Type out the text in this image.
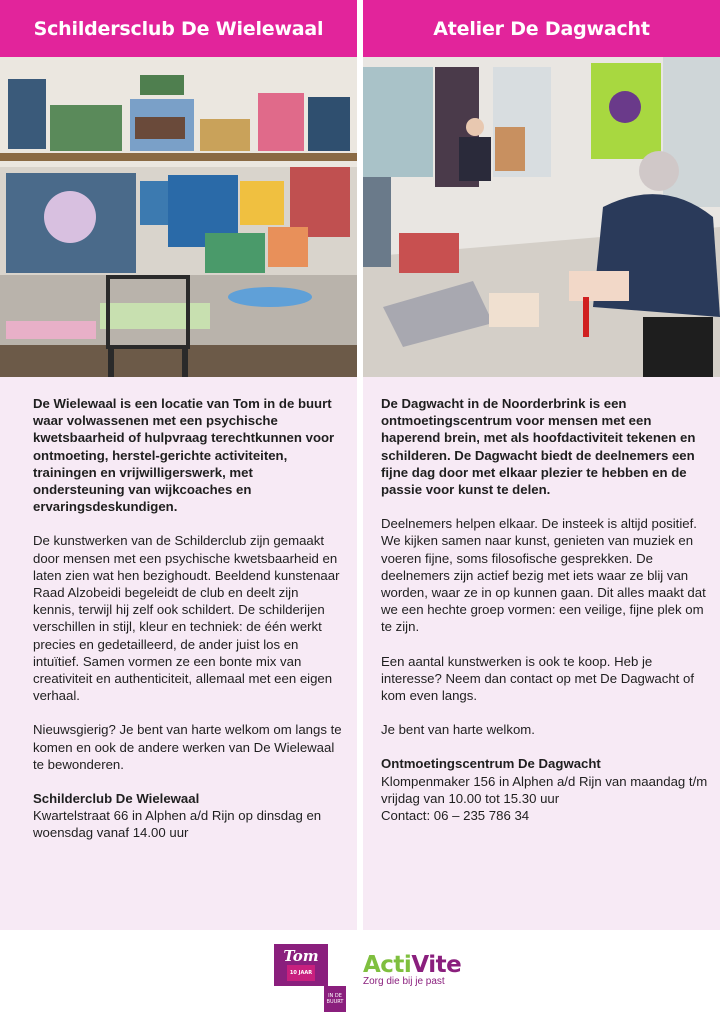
Schildersclub De Wielewaal

De Wielewaal is een locatie van Tom in de buurt waar volwassenen met een psychische kwetsbaarheid of hulpvraag terechtkunnen voor ontmoeting, herstel-gerichte activiteiten, trainingen en vrijwilligerswerk, met ondersteuning van wijkcoaches en ervaringsdeskundigen.

De kunstwerken van de Schilderclub zijn gemaakt door mensen met een psychische kwetsbaarheid en laten zien wat hen bezighoudt. Beeldend kunstenaar Raad Alzobeidi begeleidt de club en deelt zijn kennis, terwijl hij zelf ook schildert. De schilderijen verschillen in stijl, kleur en techniek: de één werkt precies en gedetailleerd, de ander juist los en intuïtief. Samen vormen ze een bonte mix van creativiteit en authenticiteit, allemaal met een eigen verhaal.

Nieuwsgierig? Je bent van harte welkom om langs te komen en ook de andere werken van De Wielewaal te bewonderen.

Schilderclub De Wielewaal
Kwartelstraat 66 in Alphen a/d Rijn op dinsdag en woensdag vanaf 14.00 uur
Atelier De Dagwacht

De Dagwacht in de Noorderbrink is een ontmoetingscentrum voor mensen met een haperend brein, met als hoofdactiviteit tekenen en schilderen. De Dagwacht biedt de deelnemers een fijne dag door met elkaar plezier te hebben en de passie voor kunst te delen.

Deelnemers helpen elkaar. De insteek is altijd positief. We kijken samen naar kunst, genieten van muziek en voeren fijne, soms filosofische gesprekken. De deelnemers zijn actief bezig met iets waar ze blij van worden, waar ze in op kunnen gaan. Dit alles maakt dat we een hechte groep vormen: een veilige, fijne plek om te zijn.

Een aantal kunstwerken is ook te koop. Heb je interesse? Neem dan contact op met De Dagwacht of kom even langs.

Je bent van harte welkom.

Ontmoetingscentrum De Dagwacht
Klompenmaker 156 in Alphen a/d Rijn van maandag t/m vrijdag van 10.00 tot 15.30 uur
Contact: 06 – 235 786 34
Tom
10 JAAR
IN DE BUURT
ActiVite
Zorg die bij je past
